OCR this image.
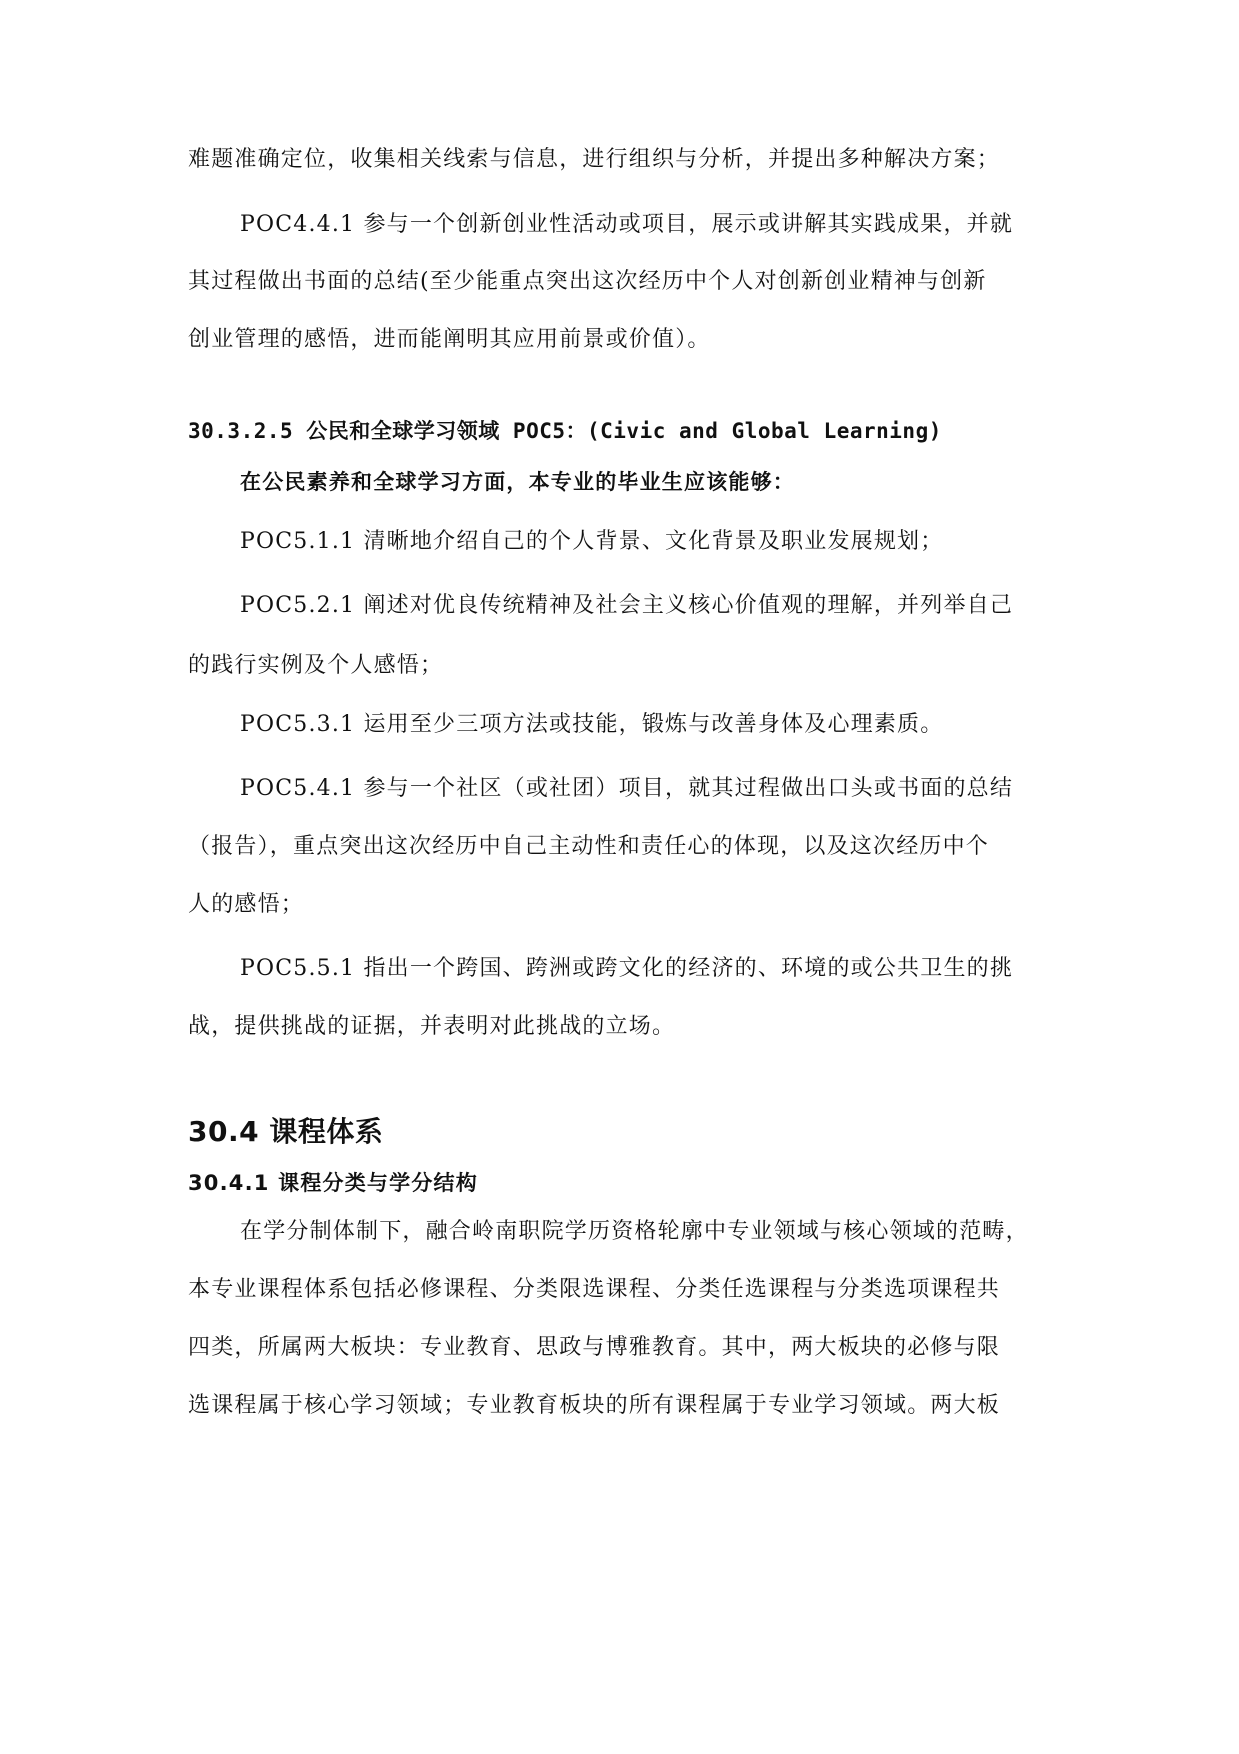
难题准确定位，收集相关线索与信息，进行组织与分析，并提出多种解决方案；
POC4.4.1 参与一个创新创业性活动或项目，展示或讲解其实践成果，并就
其过程做出书面的总结(至少能重点突出这次经历中个人对创新创业精神与创新
创业管理的感悟，进而能阐明其应用前景或价值）。
30.3.2.5 公民和全球学习领域 POC5：(Civic and Global Learning)
在公民素养和全球学习方面，本专业的毕业生应该能够：
POC5.1.1 清晰地介绍自己的个人背景、文化背景及职业发展规划；
POC5.2.1 阐述对优良传统精神及社会主义核心价值观的理解，并列举自己
的践行实例及个人感悟；
POC5.3.1 运用至少三项方法或技能，锻炼与改善身体及心理素质。
POC5.4.1 参与一个社区（或社团）项目，就其过程做出口头或书面的总结
（报告），重点突出这次经历中自己主动性和责任心的体现，以及这次经历中个
人的感悟；
POC5.5.1 指出一个跨国、跨洲或跨文化的经济的、环境的或公共卫生的挑
战，提供挑战的证据，并表明对此挑战的立场。
30.4 课程体系
30.4.1 课程分类与学分结构
在学分制体制下，融合岭南职院学历资格轮廓中专业领域与核心领域的范畴，
本专业课程体系包括必修课程、分类限选课程、分类任选课程与分类选项课程共
四类，所属两大板块：专业教育、思政与博雅教育。其中，两大板块的必修与限
选课程属于核心学习领域；专业教育板块的所有课程属于专业学习领域。两大板
